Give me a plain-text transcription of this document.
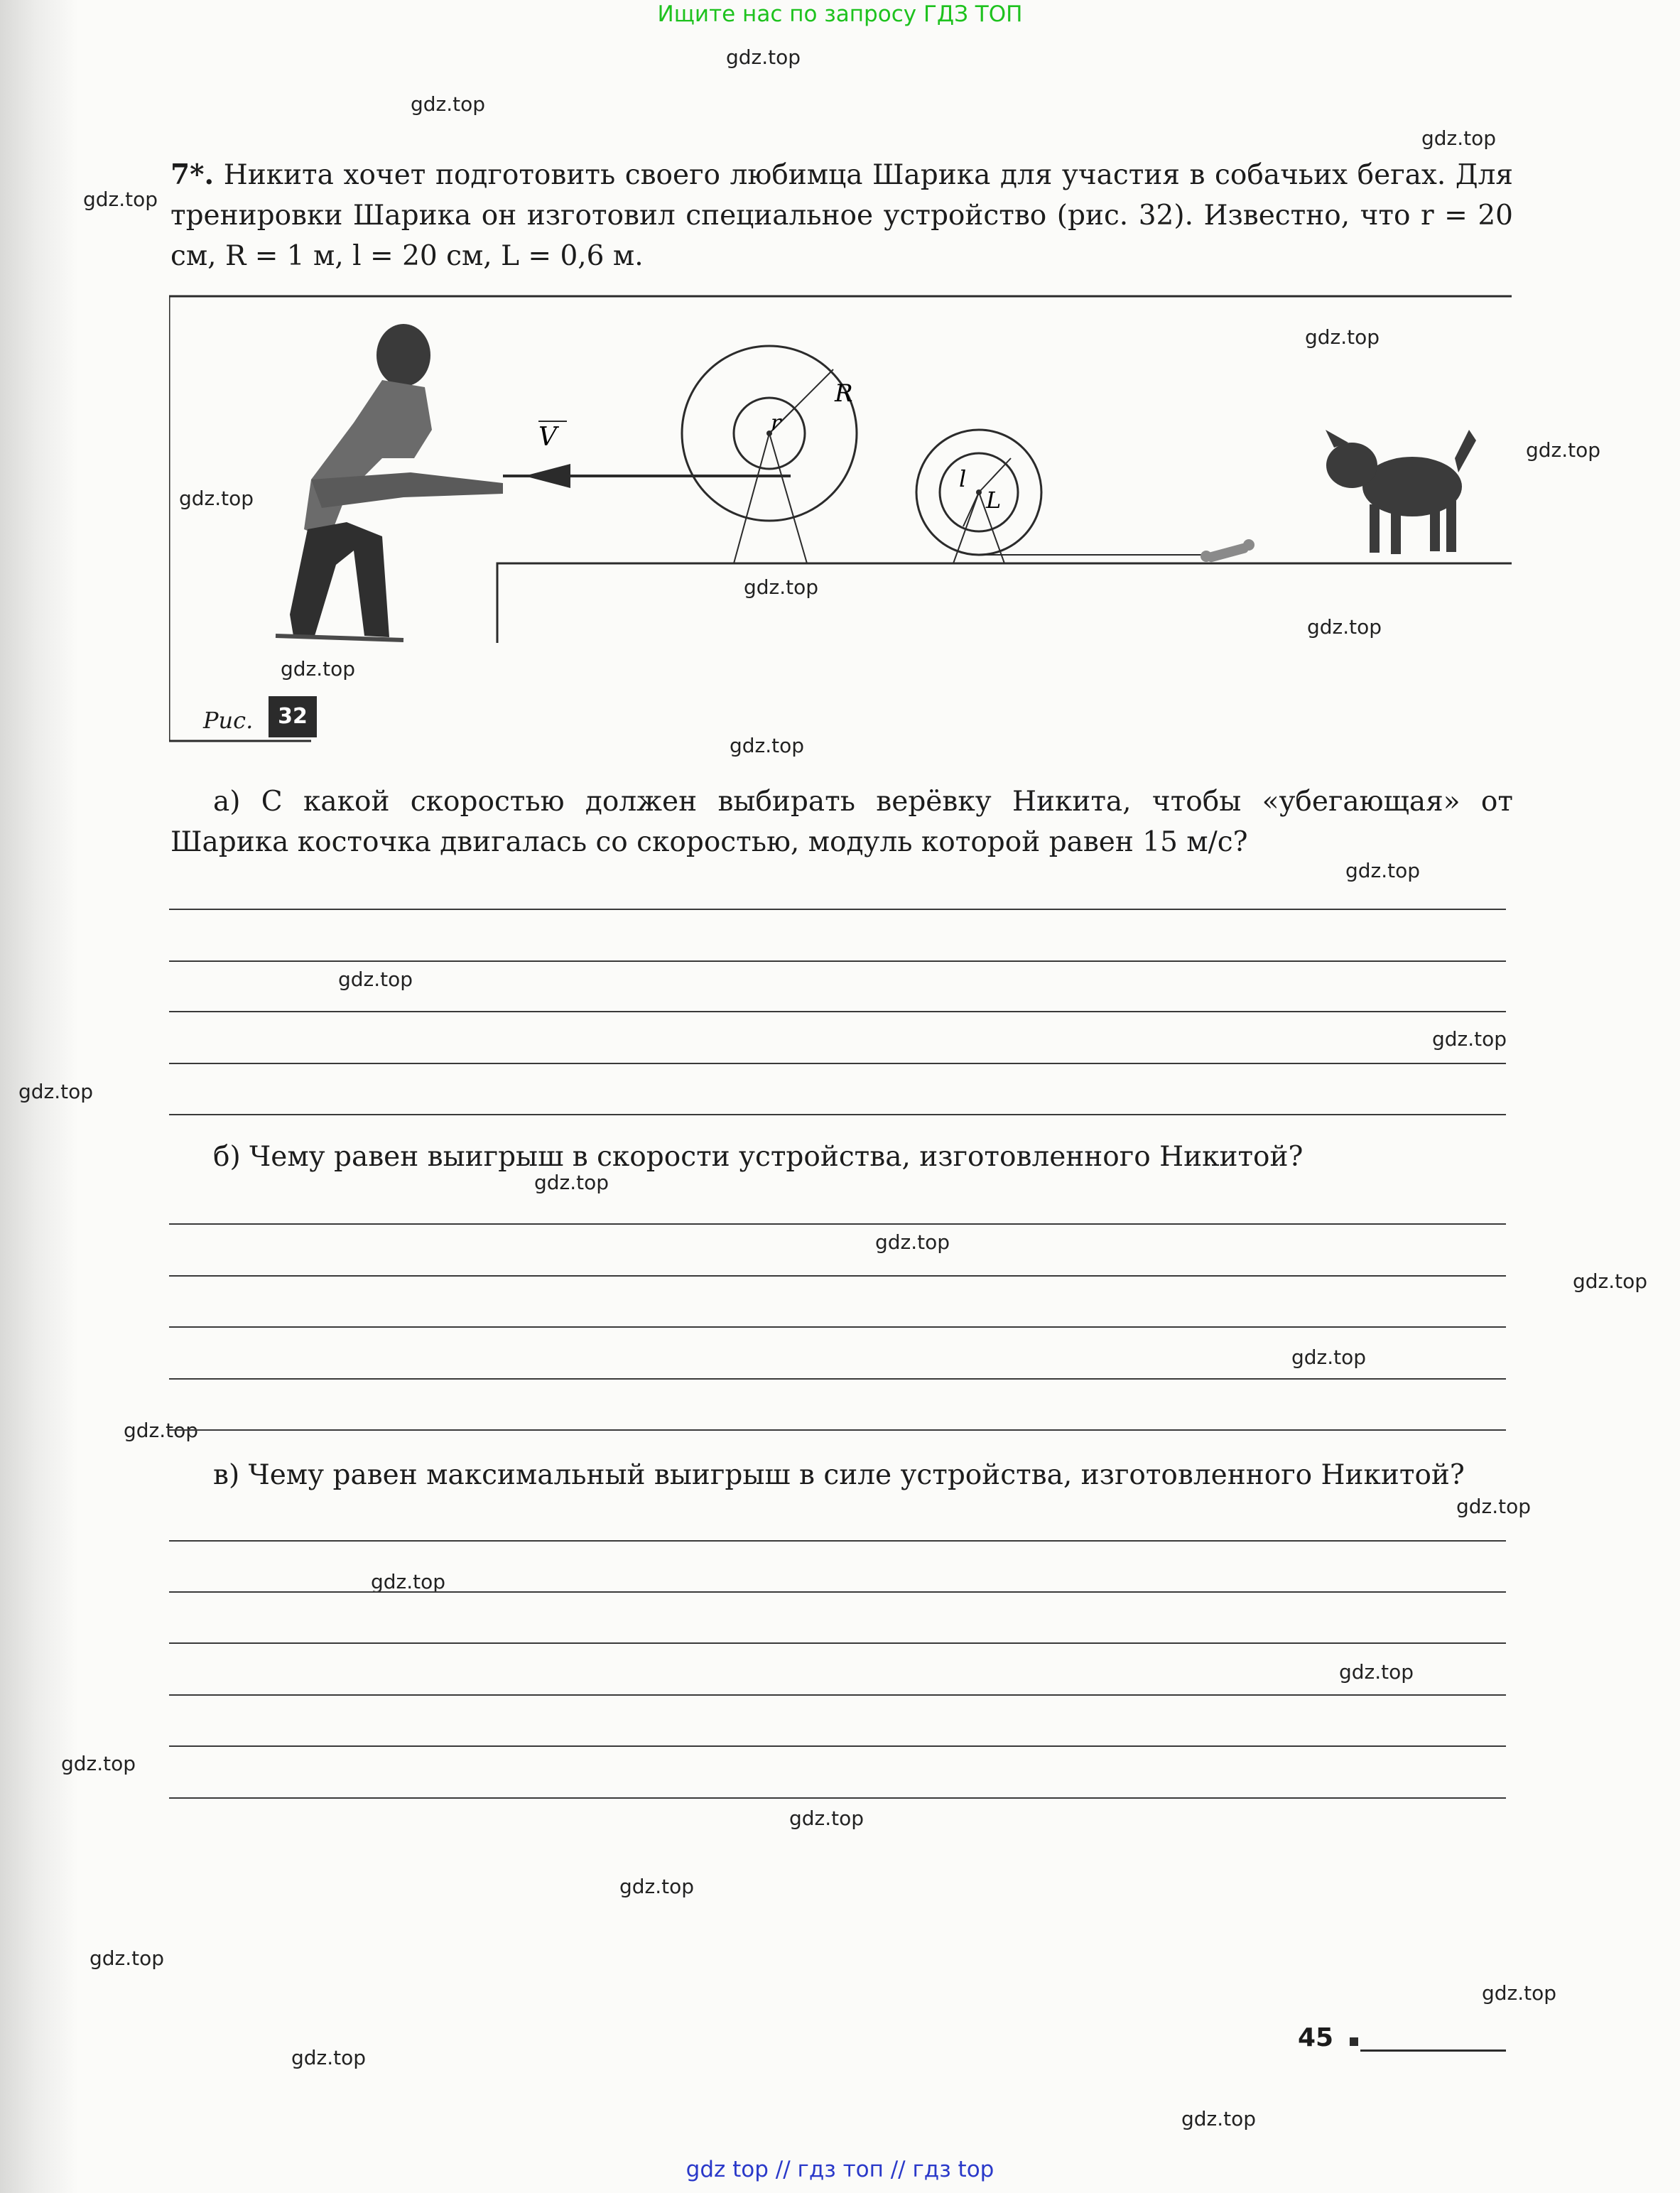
Ищите нас по запросу ГДЗ ТОП
gdz.top
gdz.top
gdz.top
gdz.top
gdz.top
gdz.top
gdz.top
gdz.top
gdz.top
gdz.top
gdz.top
gdz.top
gdz.top
gdz.top
gdz.top
gdz.top
gdz.top
gdz.top
gdz.top
gdz.top
gdz.top
gdz.top
gdz.top
gdz.top
gdz.top
gdz.top
gdz.top
gdz.top
gdz.top
gdz.top
7*. Никита хочет подготовить своего любимца Шарика для участия в собачьих бегах. Для тренировки Шарика он изготовил специальное устройство (рис. 32). Известно, что r = 20 см, R = 1 м, l = 20 см, L = 0,6 м.
V
R
r
l
L
Рис.	32
а) С какой скоростью должен выбирать верёвку Никита, чтобы «убегающая» от Шарика косточка двигалась со скоростью, модуль которой равен 15 м/с?
б) Чему равен выигрыш в скорости устройства, изготовленного Никитой?
в) Чему равен максимальный выигрыш в силе устройства, изготовленного Никитой?
45
gdz top // гдз топ // гдз top
